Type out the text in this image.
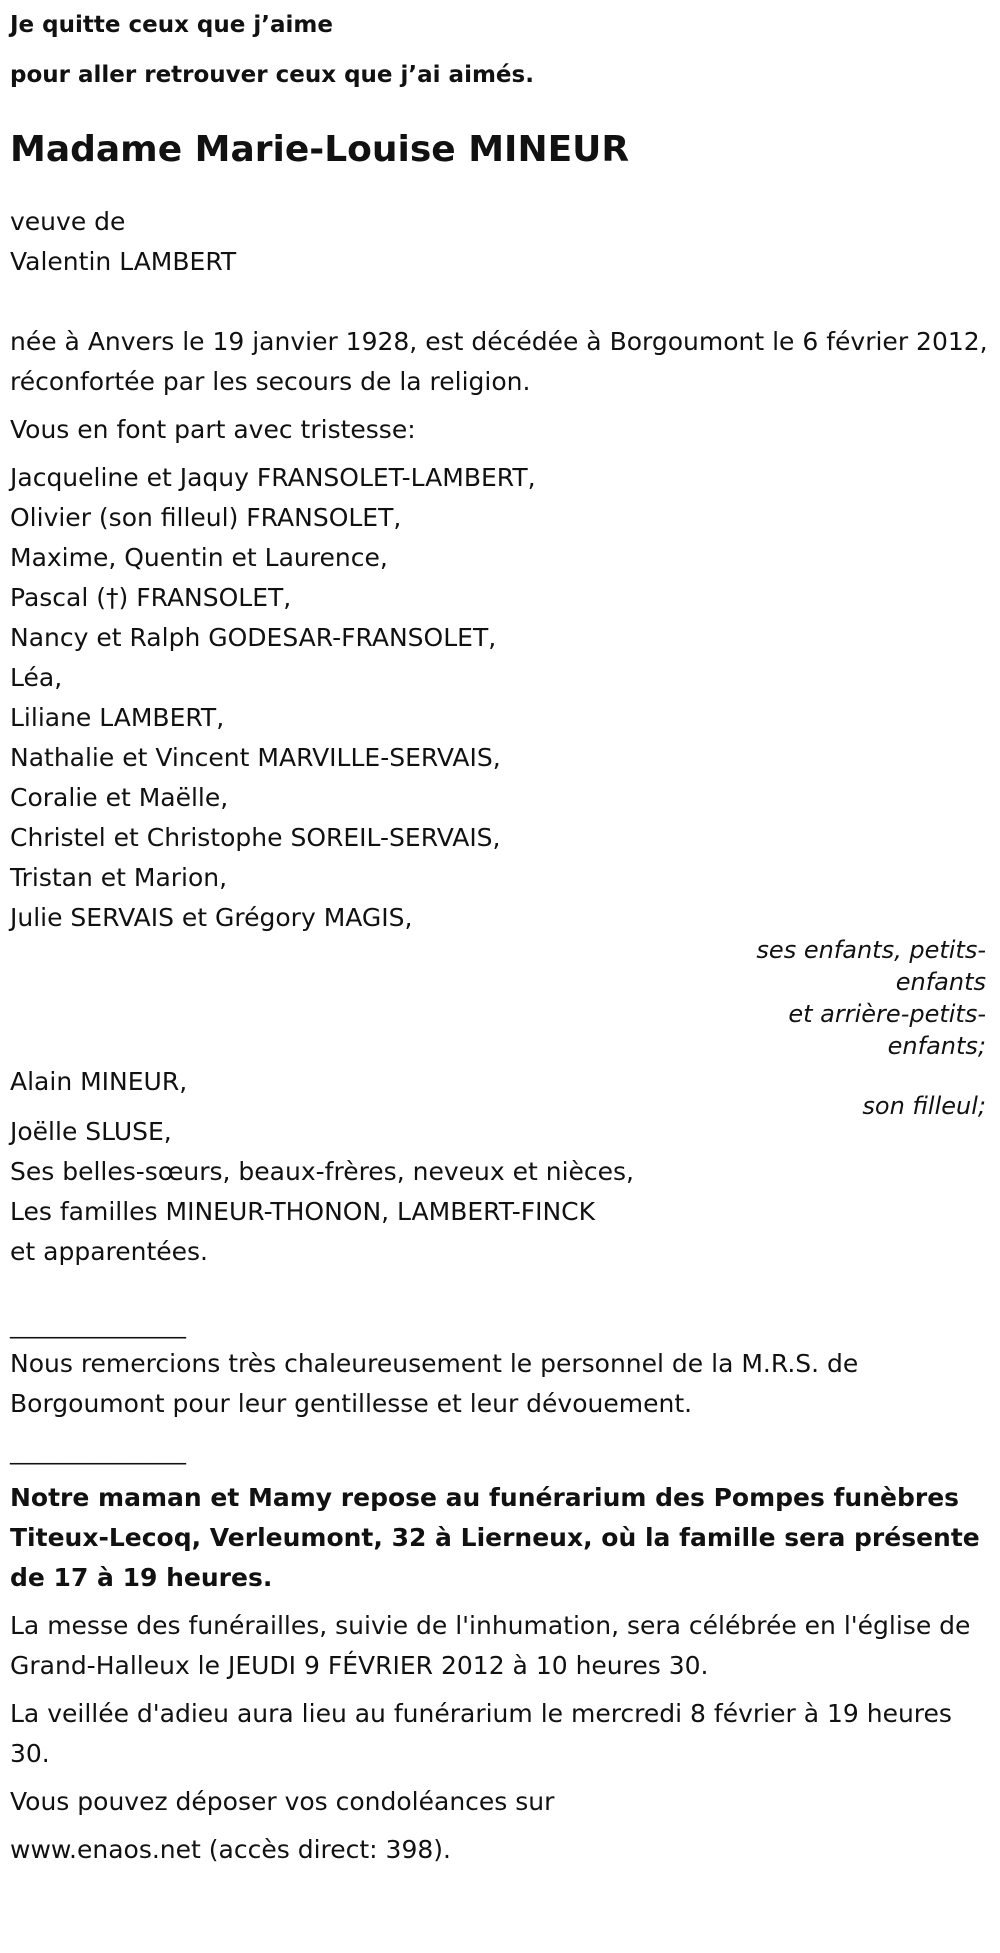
Je quitte ceux que j’aime
pour aller retrouver ceux que j’ai aimés.
Madame Marie-Louise MINEUR
veuve de
Valentin LAMBERT
née à Anvers le 19 janvier 1928, est décédée à Borgoumont le 6 février 2012, réconfortée par les secours de la religion.
Vous en font part avec tristesse:
Jacqueline et Jaquy FRANSOLET-LAMBERT,
Olivier (son filleul) FRANSOLET,
Maxime, Quentin et Laurence,
Pascal (†) FRANSOLET,
Nancy et Ralph GODESAR-FRANSOLET,
Léa,
Liliane LAMBERT,
Nathalie et Vincent MARVILLE-SERVAIS,
Coralie et Maëlle,
Christel et Christophe SOREIL-SERVAIS,
Tristan et Marion,
Julie SERVAIS et Grégory MAGIS,
ses enfants, petits-
enfants
et arrière-petits-
enfants;
Alain MINEUR,
son filleul;
Joëlle SLUSE,
Ses belles-sœurs, beaux-frères, neveux et nièces,
Les familles MINEUR-THONON, LAMBERT-FINCK
et apparentées.
________________
Nous remercions très chaleureusement le personnel de la M.R.S. de Borgoumont pour leur gentillesse et leur dévouement.
________________
Notre maman et Mamy repose au funérarium des Pompes funèbres Titeux-Lecoq, Verleumont, 32 à Lierneux, où la famille sera présente de 17 à 19 heures.
La messe des funérailles, suivie de l'inhumation, sera célébrée en l'église de Grand-Halleux le JEUDI 9 FÉVRIER 2012 à 10 heures 30.
La veillée d'adieu aura lieu au funérarium le mercredi 8 février à 19 heures 30.
Vous pouvez déposer vos condoléances sur
www.enaos.net (accès direct: 398).
